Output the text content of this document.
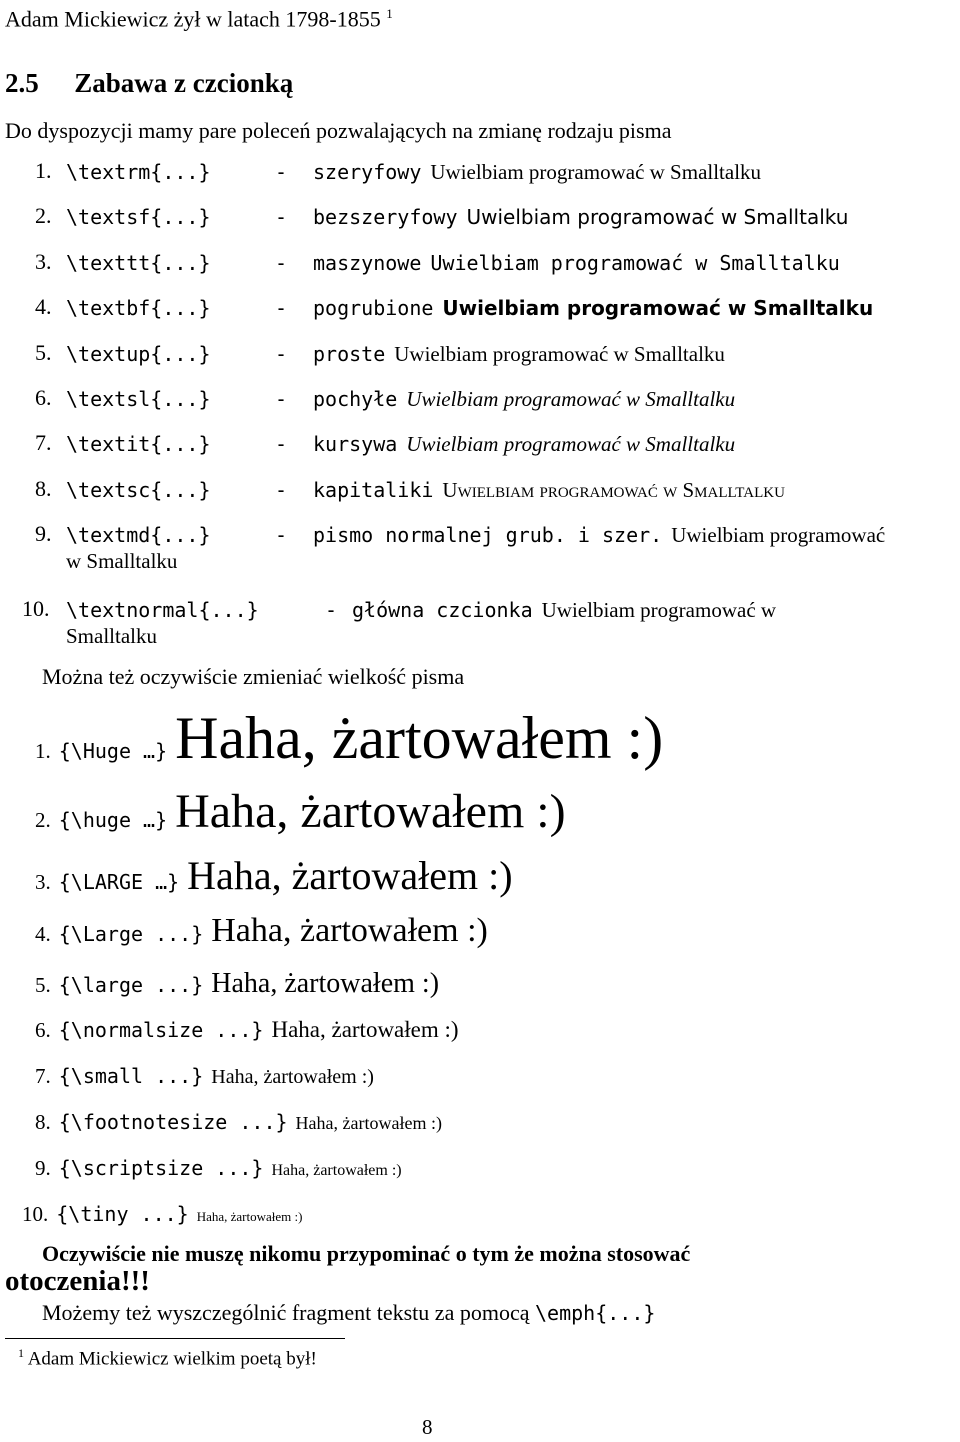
Adam Mickiewicz żył w latach 1798-1855 $^1$
2.5 Zabawa z czcionką
Do dyspozycji mamy pare poleceń pozwalających na zmianę rodzaju pisma
1. \textrm{...}	- szeryfowy Uwielbiam programować w Smalltalku
2. \textsf{...}	- bezszeryfowy Uwielbiam programować w Smalltalku
3. \texttt{...}	- maszynowe Uwielbiam programować w Smalltalku
4. \textbf{...}	- pogrubione Uwielbiam programować w Smalltalku
5. \textup{...}	- proste Uwielbiam programować w Smalltalku
6. \textsl{...}	- pochyłe Uwielbiam programować w Smalltalku
7. \textit{...}	- kursywa Uwielbiam programować w Smalltalku
8. \textsc{...}	- kapitaliki Uwielbiam programować w Smalltalku
9. \textmd{...}	- pismo normalnej grub. i szer. Uwielbiam programować
w Smalltalku
10. \textnormal{...}	- główna czcionka Uwielbiam programować w
Smalltalku
Można też oczywiście zmieniać wielkość pisma
1. {\Huge …} Haha, żartowałem :)
2. {\huge …} Haha, żartowałem :)
3. {\LARGE …} Haha, żartowałem :)
4. {\Large ...} Haha, żartowałem :)
5. {\large ...} Haha, żartowałem :)
6. {\normalsize ...} Haha, żartowałem :)
7. {\small ...} Haha, żartowałem :)
8. {\footnotesize ...} Haha, żartowałem :)
9. {\scriptsize ...} Haha, żartowałem :)
10. {\tiny ...} Haha, żartowałem :)
Oczywiście nie muszę nikomu przypominać o tym że można stosować
otoczenia!!!
Możemy też wyszczególnić fragment tekstu za pomocą \emph{...}
$^1$ Adam Mickiewicz wielkim poetą był!
8
